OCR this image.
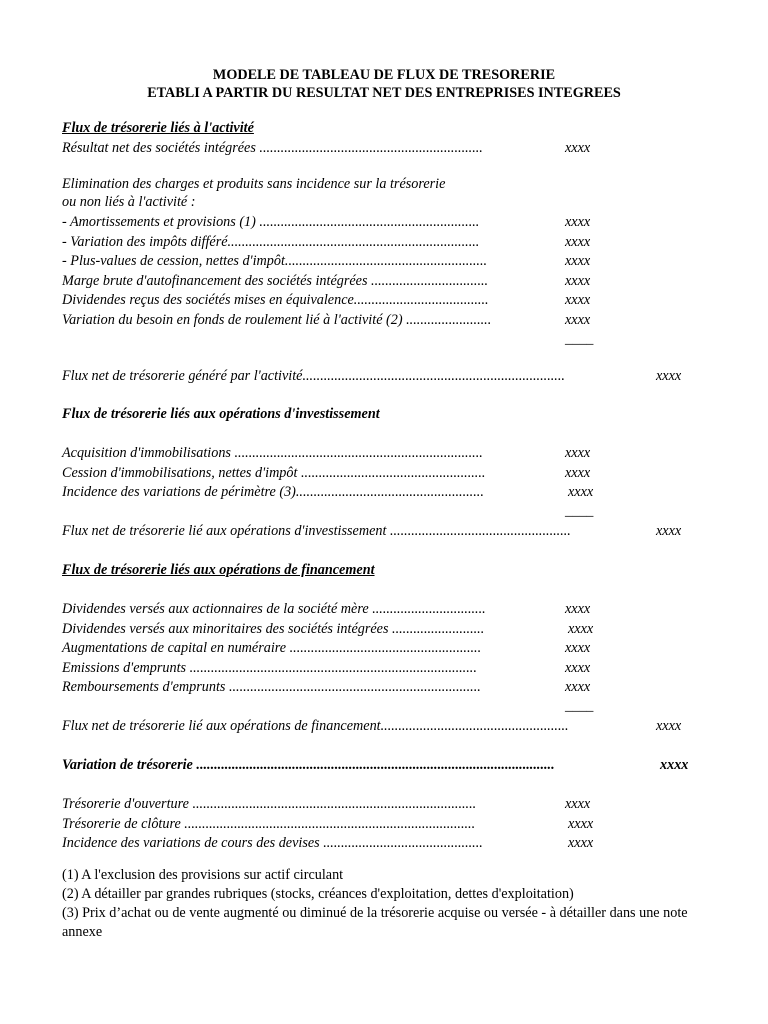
MODELE DE TABLEAU DE FLUX DE TRESORERIE
ETABLI A PARTIR DU RESULTAT NET DES ENTREPRISES INTEGREES
Flux de trésorerie liés à l'activité
Résultat net des sociétés intégrées ...............................................................	xxxx
Elimination des charges et produits sans incidence sur la trésorerie
ou non liés à l'activité :
- Amortissements et provisions (1) ..............................................................	xxxx
- Variation des impôts différé.......................................................................	xxxx
- Plus-values de cession, nettes d'impôt.........................................................	xxxx
Marge brute d'autofinancement des sociétés intégrées .................................	xxxx
Dividendes reçus des sociétés mises en équivalence......................................	xxxx
Variation du besoin en fonds de roulement lié à l'activité (2) ........................	xxxx
____
Flux net de trésorerie généré par l'activité..........................................................................	xxxx
Flux de trésorerie liés aux opérations d'investissement
Acquisition d'immobilisations ......................................................................	xxxx
Cession d'immobilisations, nettes d'impôt ....................................................	xxxx
Incidence des variations de périmètre (3).....................................................	xxxx
____
Flux net de trésorerie lié aux opérations d'investissement ...................................................	xxxx
Flux de trésorerie liés aux opérations de financement
Dividendes versés aux actionnaires de la société mère ................................	xxxx
Dividendes versés aux minoritaires des sociétés intégrées ..........................	xxxx
Augmentations de capital en numéraire ......................................................	xxxx
Emissions d'emprunts .................................................................................	xxxx
Remboursements d'emprunts .......................................................................	xxxx
____
Flux net de trésorerie lié aux opérations de financement.....................................................	xxxx
Variation de trésorerie .....................................................................................................	xxxx
Trésorerie d'ouverture ................................................................................	xxxx
Trésorerie de clôture ..................................................................................	xxxx
Incidence des variations de cours des devises .............................................	xxxx
(1) A l'exclusion des provisions sur actif circulant
(2) A détailler par grandes rubriques (stocks, créances d'exploitation, dettes d'exploitation)
(3) Prix d’achat ou de vente augmenté ou diminué de la trésorerie acquise ou versée - à détailler dans une note annexe
